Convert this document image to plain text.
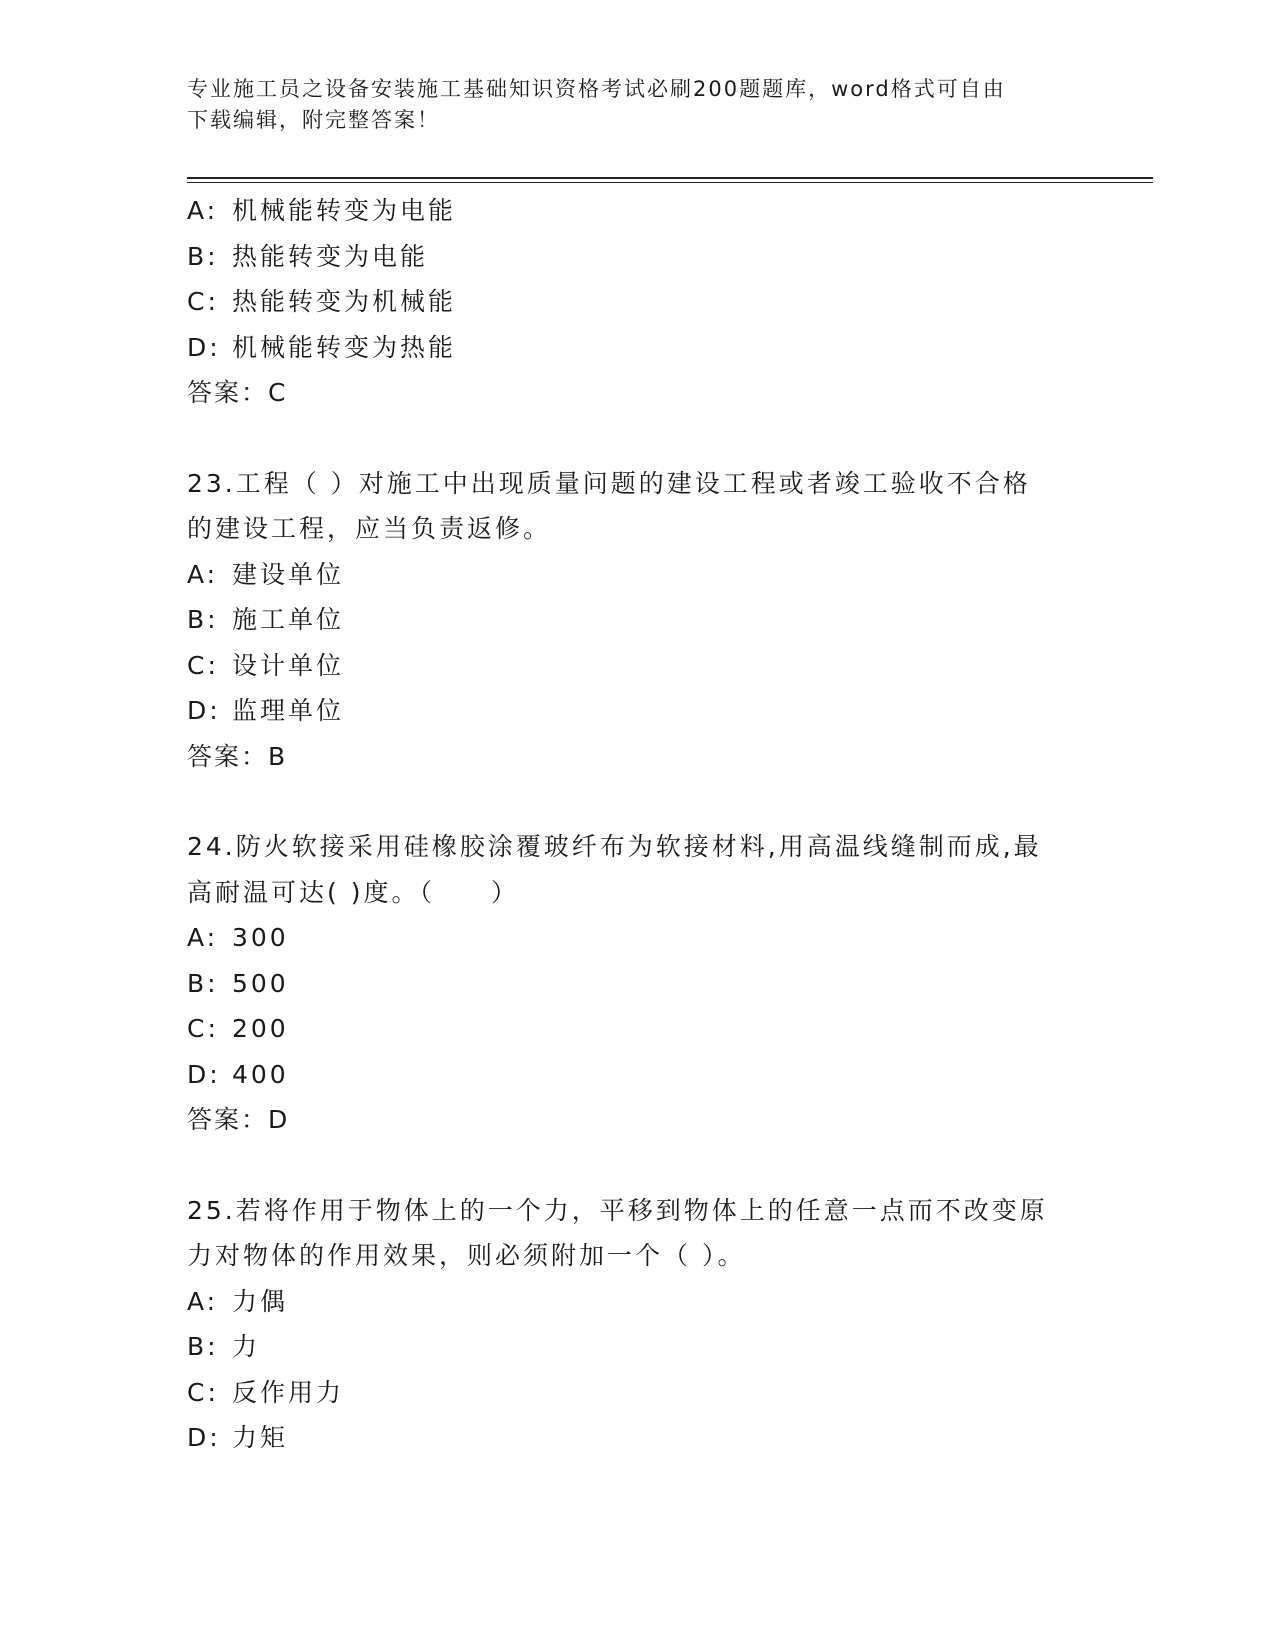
专业施工员之设备安装施工基础知识资格考试必刷200题题库，word格式可自由
下载编辑，附完整答案！

A: 机械能转变为电能

B: 热能转变为电能

C: 热能转变为机械能

D: 机械能转变为热能

答案：C

23.工程（ ）对施工中出现质量问题的建设工程或者竣工验收不合格

的建设工程，应当负责返修。

A: 建设单位

B: 施工单位

C: 设计单位

D: 监理单位

答案：B

24.防火软接采用硅橡胶涂覆玻纤布为软接材料,用高温线缝制而成,最

高耐温可达( )度。（　　）

A: 300

B: 500

C: 200

D: 400

答案：D

25.若将作用于物体上的一个力，平移到物体上的任意一点而不改变原

力对物体的作用效果，则必须附加一个（ ）。

A: 力偶

B: 力

C: 反作用力

D: 力矩
